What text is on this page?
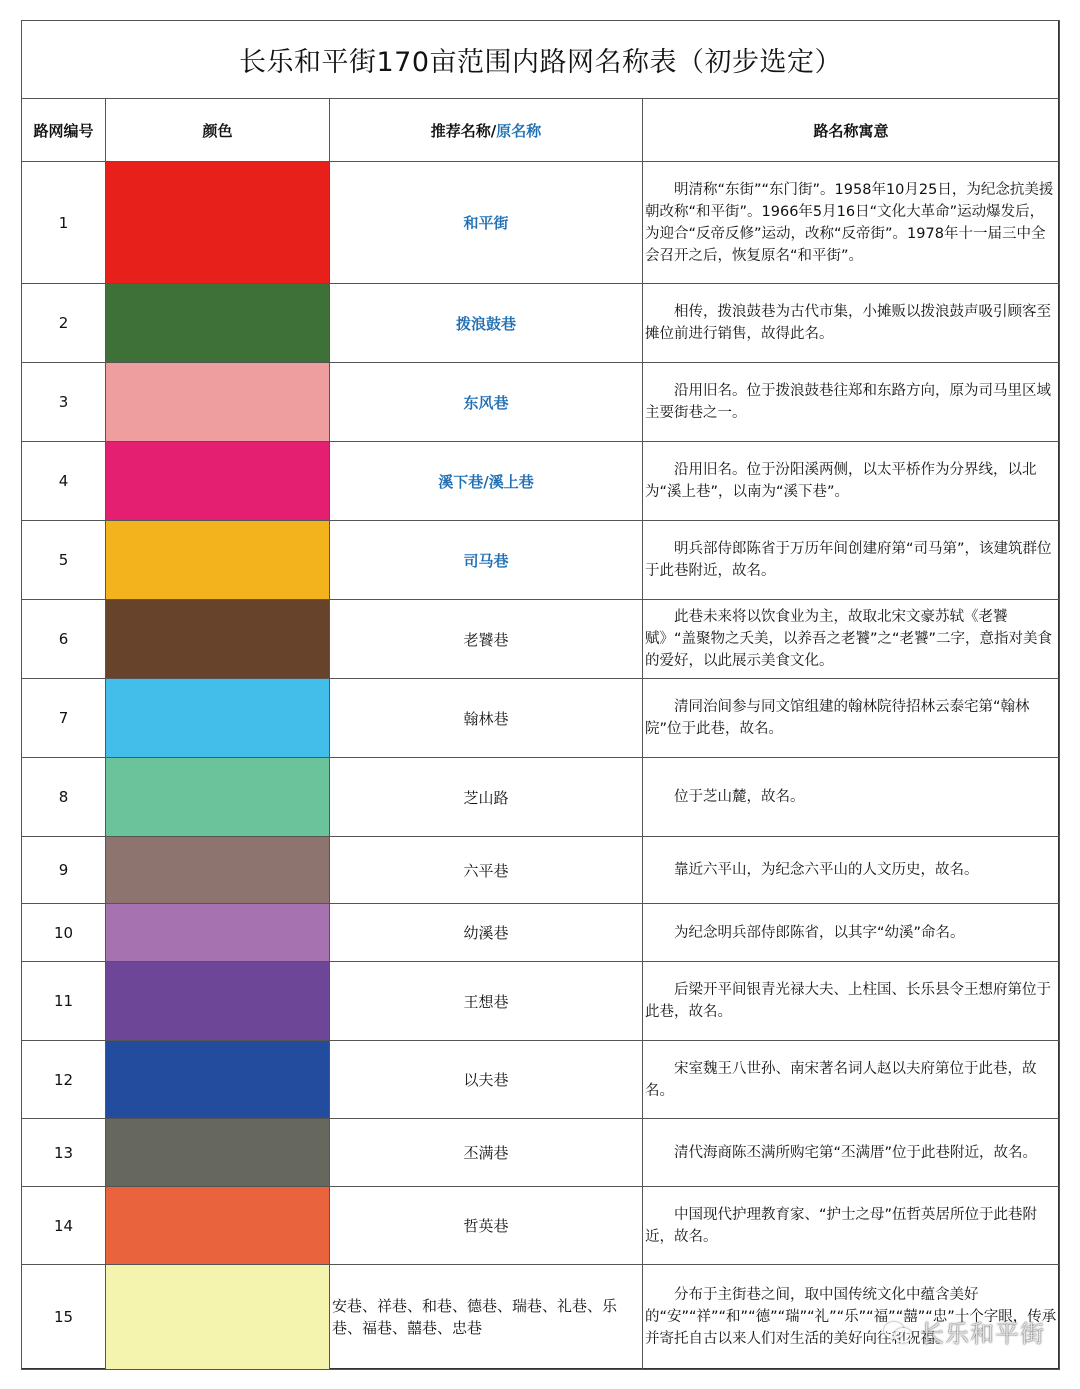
长乐和平街170亩范围内路网名称表（初步选定）			
路网编号	颜色	推荐名称/原名称	路名称寓意
1		和平街	明清称“东街”“东门街”。1958年10月25日，为纪念抗美援朝改称“和平街”。1966年5月16日“文化大革命”运动爆发后，为迎合“反帝反修”运动，改称“反帝街”。1978年十一届三中全会召开之后，恢复原名“和平街”。

2		拨浪鼓巷	相传，拨浪鼓巷为古代市集，小摊贩以拨浪鼓声吸引顾客至摊位前进行销售，故得此名。

3		东风巷	沿用旧名。位于拨浪鼓巷往郑和东路方向，原为司马里区域主要街巷之一。

4		溪下巷/溪上巷	沿用旧名。位于汾阳溪两侧，以太平桥作为分界线，以北为“溪上巷”，以南为“溪下巷”。

5		司马巷	明兵部侍郎陈省于万历年间创建府第“司马第”，该建筑群位于此巷附近，故名。

6		老饕巷	此巷未来将以饮食业为主，故取北宋文豪苏轼《老饕赋》“盖聚物之夭美，以养吾之老饕”之“老饕”二字，意指对美食的爱好，以此展示美食文化。

7		翰林巷	清同治间参与同文馆组建的翰林院待招林云泰宅第“翰林院”位于此巷，故名。

8		芝山路	位于芝山麓，故名。

9		六平巷	靠近六平山，为纪念六平山的人文历史，故名。

10		幼溪巷	为纪念明兵部侍郎陈省，以其字“幼溪”命名。

11		王想巷	后梁开平间银青光禄大夫、上柱国、长乐县令王想府第位于此巷，故名。

12		以夫巷	宋室魏王八世孙、南宋著名词人赵以夫府第位于此巷，故名。

13		丕满巷	清代海商陈丕满所购宅第“丕满厝”位于此巷附近，故名。

14		哲英巷	中国现代护理教育家、“护士之母”伍哲英居所位于此巷附近，故名。

15		安巷、祥巷、和巷、德巷、瑞巷、礼巷、乐巷、福巷、囍巷、忠巷	分布于主街巷之间，取中国传统文化中蕴含美好的“安”“祥”“和”“德”“瑞”“礼”“乐”“福”“囍”“忠”十个字眼，传承并寄托自古以来人们对生活的美好向往和祝福。
长乐和平街
